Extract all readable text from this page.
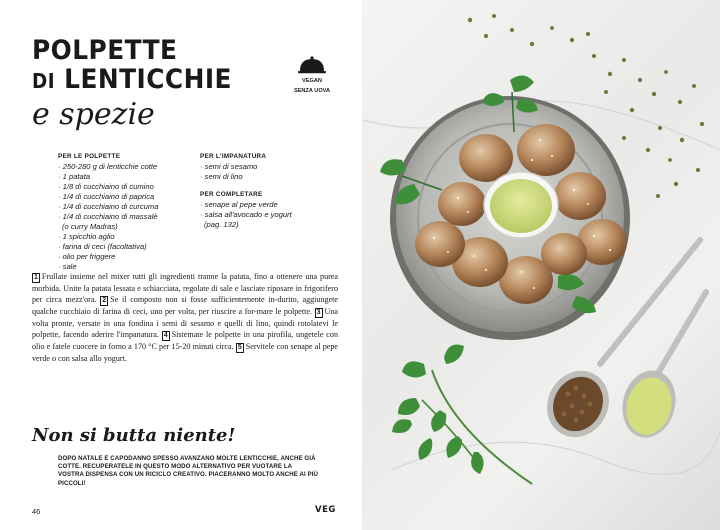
POLPETTE
DI LENTICCHIE
e spezie
VEGAN
SENZA UOVA
PER LE POLPETTE
· 250-280 g di lenticchie cotte
· 1 patata
· 1/8 di cucchiaino di cumino
· 1/4 di cucchiaino di paprica
· 1/4 di cucchiaino di curcuma
· 1/4 di cucchiaino di massalè
(o curry Madras)
· 1 spicchio aglio
· farina di ceci (facoltativa)
· olio per friggere
· sale
PER L'IMPANATURA
· semi di sesamo
· semi di lino
PER COMPLETARE
· senape al pepe verde
· salsa all'avocado e yogurt
(pag. 132)
1 Frullate insieme nel mixer tutti gli ingredienti tranne la patata, fino a ottenere una purea morbida. Unite la patata lessata e schiacciata, regolate di sale e lasciate riposare in frigorifero per circa mezz'ora. 2 Se il composto non si fosse sufficientemente in-durito, aggiungete qualche cucchiaio di farina di ceci, uno per volta, per riuscire a for-mare le polpette. 3 Una volta pronte, versate in una fondina i semi di sesamo e quelli di lino, quindi rotolatevi le polpette, facendo aderire l'impanatura. 4 Sistemate le polpette in una pirofila, ungetele con olio e fatele cuocere in forno a 170 °C per 15-20 minuti circa. 5 Servitele con senape al pepe verde o con salsa allo yogurt.
Non si butta niente!
DOPO NATALE E CAPODANNO SPESSO AVANZANO MOLTE LENTICCHIE, ANCHE GIÀ COTTE. RECUPERATELE IN QUESTO MODO ALTERNATIVO PER VUOTARE LA VOSTRA DISPENSA CON UN RICICLO CREATIVO. PIACERANNO MOLTO ANCHE AI PIÙ PICCOLI!
46	VEG
